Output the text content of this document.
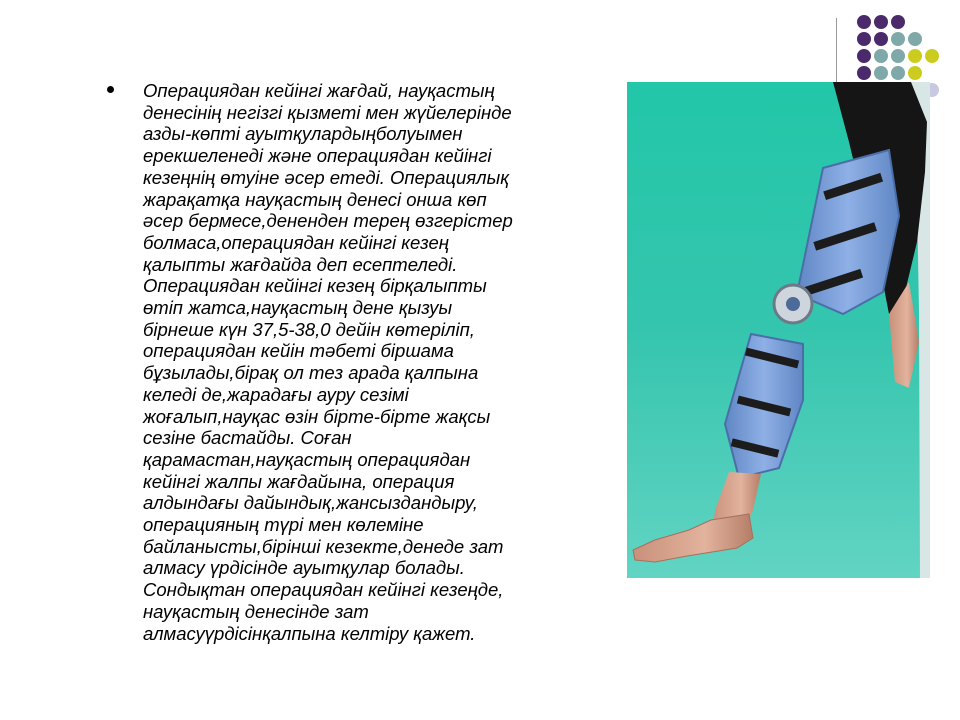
Операциядан кейінгі жағдай, науқастың
денесінің негізгі қызметі мен жүйелерінде
азды-көпті ауытқулардыңболуымен
ерекшеленеді және операциядан кейінгі
кезеңнің өтуіне әсер етеді. Операциялық
жарақатқа науқастың денесі онша көп
әсер бермесе,дененден терең өзгерістер
болмаса,операциядан кейінгі кезең
қалыпты жағдайда деп есептеледі.
Операциядан кейінгі кезең бірқалыпты
өтіп жатса,науқастың дене қызуы
бірнеше күн 37,5-38,0 дейін көтеріліп,
операциядан кейін тәбеті біршама
бұзылады,бірақ ол тез арада қалпына
келеді де,жарадағы ауру сезімі
жоғалып,науқас өзін бірте-бірте жақсы
сезіне бастайды. Соған
қарамастан,науқастың операциядан
кейінгі жалпы жағдайына, операция
алдындағы дайындық,жансыздандыру,
операцияның түрі мен көлеміне
байланысты,бірінші кезекте,денеде зат
алмасу үрдісінде ауытқулар болады.
Сондықтан операциядан кейінгі кезеңде,
науқастың денесінде зат
алмасуүрдісінқалпына келтіру қажет.
